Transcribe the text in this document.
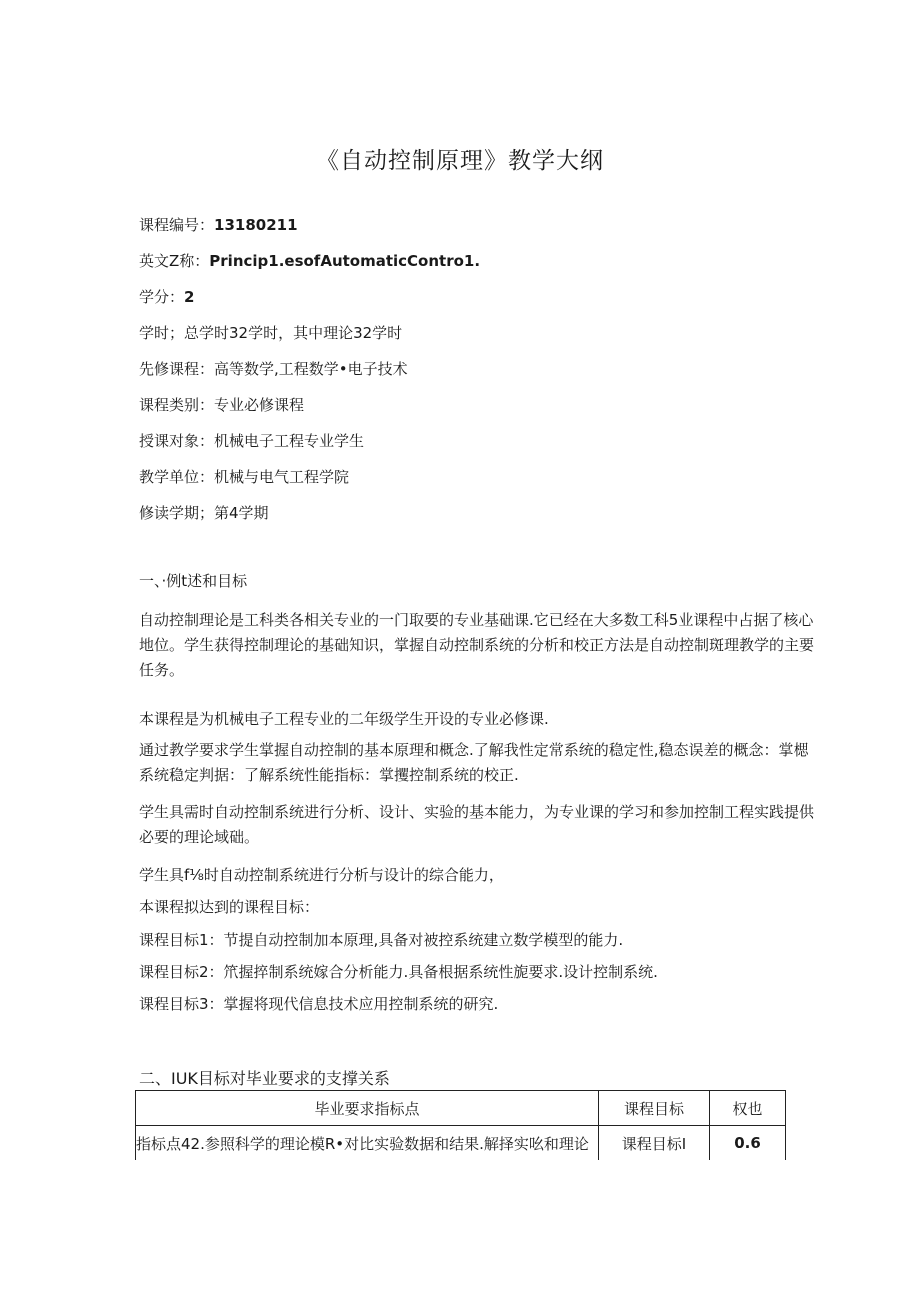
《自动控制原理》教学大纲
课程编号：13180211
英文Z称：Princip1.esofAutomaticContro1.
学分：2
学时；总学时32学时，其中理论32学时
先修课程：高等数学,工程数学•电子技术
课程类别：专业必修课程
授课对象：机械电子工程专业学生
教学单位：机械与电气工程学院
修读学期；第4学期
一、·例t述和目标
自动控制理论是工科类各相关专业的一门取要的专业基础课.它已经在大多数工科5业课程中占据了核心地位。学生获得控制理论的基础知识，掌握自动控制系统的分析和校正方法是自动控制斑理教学的主要任务。
本课程是为机械电子工程专业的二年级学生开设的专业必修课.
通过教学要求学生掌握自动控制的基本原理和概念.了解我性定常系统的稳定性,稳态误差的概念：掌楒系统稳定判据：了解系统性能指标：掌攫控制系统的校正.
学生具需时自动控制系统进行分析、设计、实验的基本能力，为专业课的学习和参加控制工程实践提供必要的理论域础。
学生具f⅛时自动控制系统进行分析与设计的综合能力，
本课程拟达到的课程目标：
课程目标1：节提自动控制加本原理,具备对被控系统建立数学模型的能力.
课程目标2：笊握捽制系统嫁合分析能力.具备根据系统性旎要求.设计控制系统.
课程目标3：掌握将现代信息技术应用控制系统的研究.
二、IUK目标对毕业要求的支撑关系
毕业要求指标点	课程目标	权也
指标点42.参照科学的理论模R•对比实验数据和结果.解择实吆和理论	课程目标I	0.6
